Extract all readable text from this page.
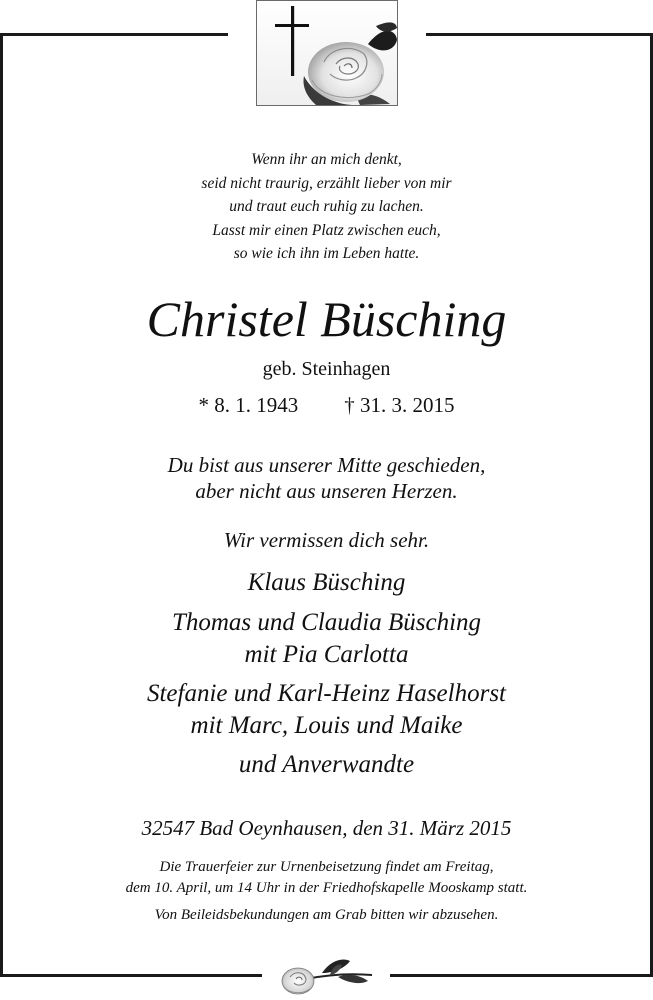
Wenn ihr an mich denkt,
seid nicht traurig, erzählt lieber von mir
und traut euch ruhig zu lachen.
Lasst mir einen Platz zwischen euch,
so wie ich ihn im Leben hatte.
Christel Büsching
geb. Steinhagen
* 8. 1. 1943 † 31. 3. 2015
Du bist aus unserer Mitte geschieden,
aber nicht aus unseren Herzen.
Wir vermissen dich sehr.
Klaus Büsching
Thomas und Claudia Büsching
mit Pia Carlotta
Stefanie und Karl-Heinz Haselhorst
mit Marc, Louis und Maike
und Anverwandte
32547 Bad Oeynhausen, den 31. März 2015
Die Trauerfeier zur Urnenbeisetzung findet am Freitag,
dem 10. April, um 14 Uhr in der Friedhofskapelle Mooskamp statt.
Von Beileidsbekundungen am Grab bitten wir abzusehen.
